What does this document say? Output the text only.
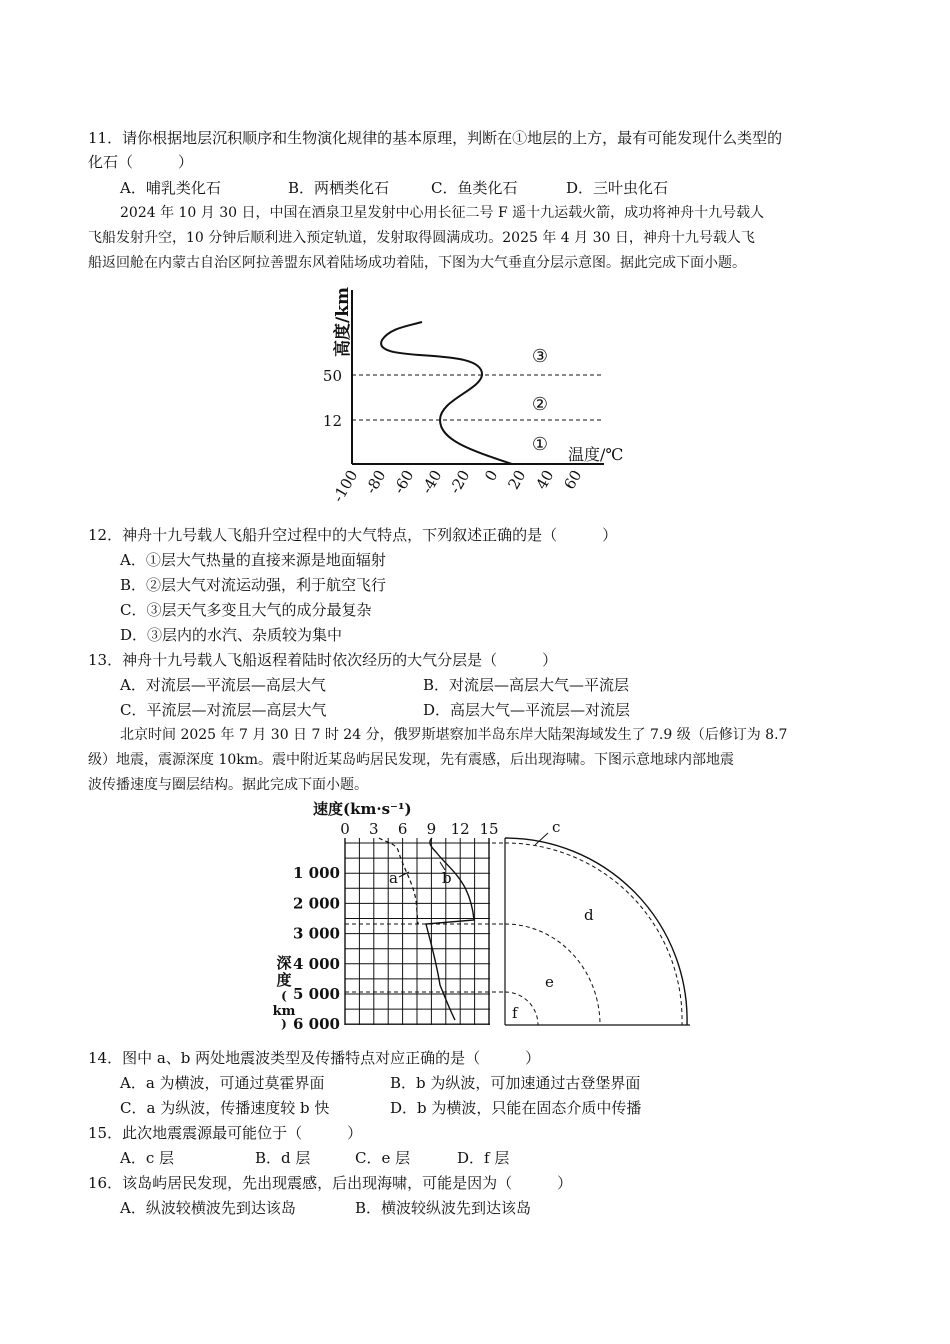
11．请你根据地层沉积顺序和生物演化规律的基本原理，判断在①地层的上方，最有可能发现什么类型的
化石（　　　）
A．哺乳类化石	B．两栖类化石	C．鱼类化石	D．三叶虫化石
2024 年 10 月 30 日，中国在酒泉卫星发射中心用长征二号 F 遥十九运载火箭，成功将神舟十九号载人
飞船发射升空，10 分钟后顺利进入预定轨道，发射取得圆满成功。2025 年 4 月 30 日，神舟十九号载人飞
船返回舱在内蒙古自治区阿拉善盟东风着陆场成功着陆，下图为大气垂直分层示意图。据此完成下面小题。
高度/km
50
12
③
②
① 温度/℃
-100 -80 -60 -40 -20 0 20 40 60
12．神舟十九号载人飞船升空过程中的大气特点，下列叙述正确的是（　　　）
A．①层大气热量的直接来源是地面辐射
B．②层大气对流运动强，利于航空飞行
C．③层天气多变且大气的成分最复杂
D．③层内的水汽、杂质较为集中
13．神舟十九号载人飞船返程着陆时依次经历的大气分层是（　　　）
A．对流层—平流层—高层大气	B．对流层—高层大气—平流层
C．平流层—对流层—高层大气	D．高层大气—平流层—对流层
北京时间 2025 年 7 月 30 日 7 时 24 分，俄罗斯堪察加半岛东岸大陆架海域发生了 7.9 级（后修订为 8.7
级）地震，震源深度 10km。震中附近某岛屿居民发现，先有震感，后出现海啸。下图示意地球内部地震
波传播速度与圈层结构。据此完成下面小题。
速度(km·s⁻¹)
0 3 6 9 12 15
1 000
2 000
3 000
4 000
5 000
6 000
深
度
(
km
)
a	b
c
d
e
f
14．图中 a、b 两处地震波类型及传播特点对应正确的是（　　　）
A．a 为横波，可通过莫霍界面	B．b 为纵波，可加速通过古登堡界面
C．a 为纵波，传播速度较 b 快	D．b 为横波，只能在固态介质中传播
15．此次地震震源最可能位于（　　　）
A．c 层	B．d 层	C．e 层	D．f 层
16．该岛屿居民发现，先出现震感，后出现海啸，可能是因为（　　　）
A．纵波较横波先到达该岛	B．横波较纵波先到达该岛
